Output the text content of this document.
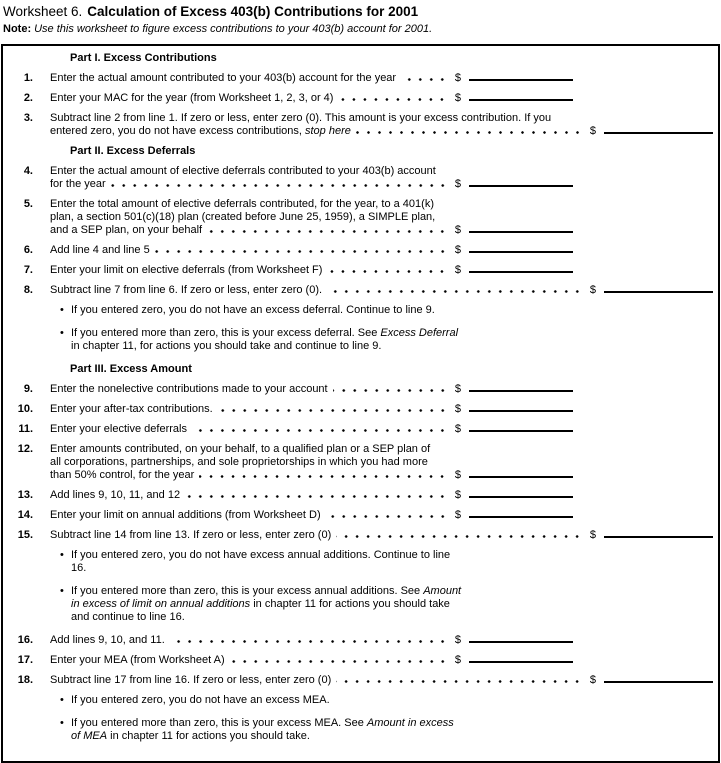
Worksheet 6. Calculation of Excess 403(b) Contributions for 2001
Note: Use this worksheet to figure excess contributions to your 403(b) account for 2001.
Part I. Excess Contributions
1. Enter the actual amount contributed to your 403(b) account for the year	$
2. Enter your MAC for the year (from Worksheet 1, 2, 3, or 4)	$
3. Subtract line 2 from line 1. If zero or less, enter zero (0). This amount is your excess contribution. If you
entered zero, you do not have excess contributions, stop here	$
Part II. Excess Deferrals
4. Enter the actual amount of elective deferrals contributed to your 403(b) account
for the year	$
5. Enter the total amount of elective deferrals contributed, for the year, to a 401(k)
plan, a section 501(c)(18) plan (created before June 25, 1959), a SIMPLE plan,
and a SEP plan, on your behalf	$
6. Add line 4 and line 5	$
7. Enter your limit on elective deferrals (from Worksheet F)	$
8. Subtract line 7 from line 6. If zero or less, enter zero (0).	$
• If you entered zero, you do not have an excess deferral. Continue to line 9.
• If you entered more than zero, this is your excess deferral. See Excess Deferral
in chapter 11, for actions you should take and continue to line 9.
Part III. Excess Amount
9. Enter the nonelective contributions made to your account	$
10. Enter your after-tax contributions.	$
11. Enter your elective deferrals	$
12. Enter amounts contributed, on your behalf, to a qualified plan or a SEP plan of
all corporations, partnerships, and sole proprietorships in which you had more
than 50% control, for the year	$
13. Add lines 9, 10, 11, and 12	$
14. Enter your limit on annual additions (from Worksheet D)	$
15. Subtract line 14 from line 13. If zero or less, enter zero (0)	$
• If you entered zero, you do not have excess annual additions. Continue to line
16.
• If you entered more than zero, this is your excess annual additions. See Amount
in excess of limit on annual additions in chapter 11 for actions you should take
and continue to line 16.
16. Add lines 9, 10, and 11.	$
17. Enter your MEA (from Worksheet A)	$
18. Subtract line 17 from line 16. If zero or less, enter zero (0)	$
• If you entered zero, you do not have an excess MEA.
• If you entered more than zero, this is your excess MEA. See Amount in excess
of MEA in chapter 11 for actions you should take.
